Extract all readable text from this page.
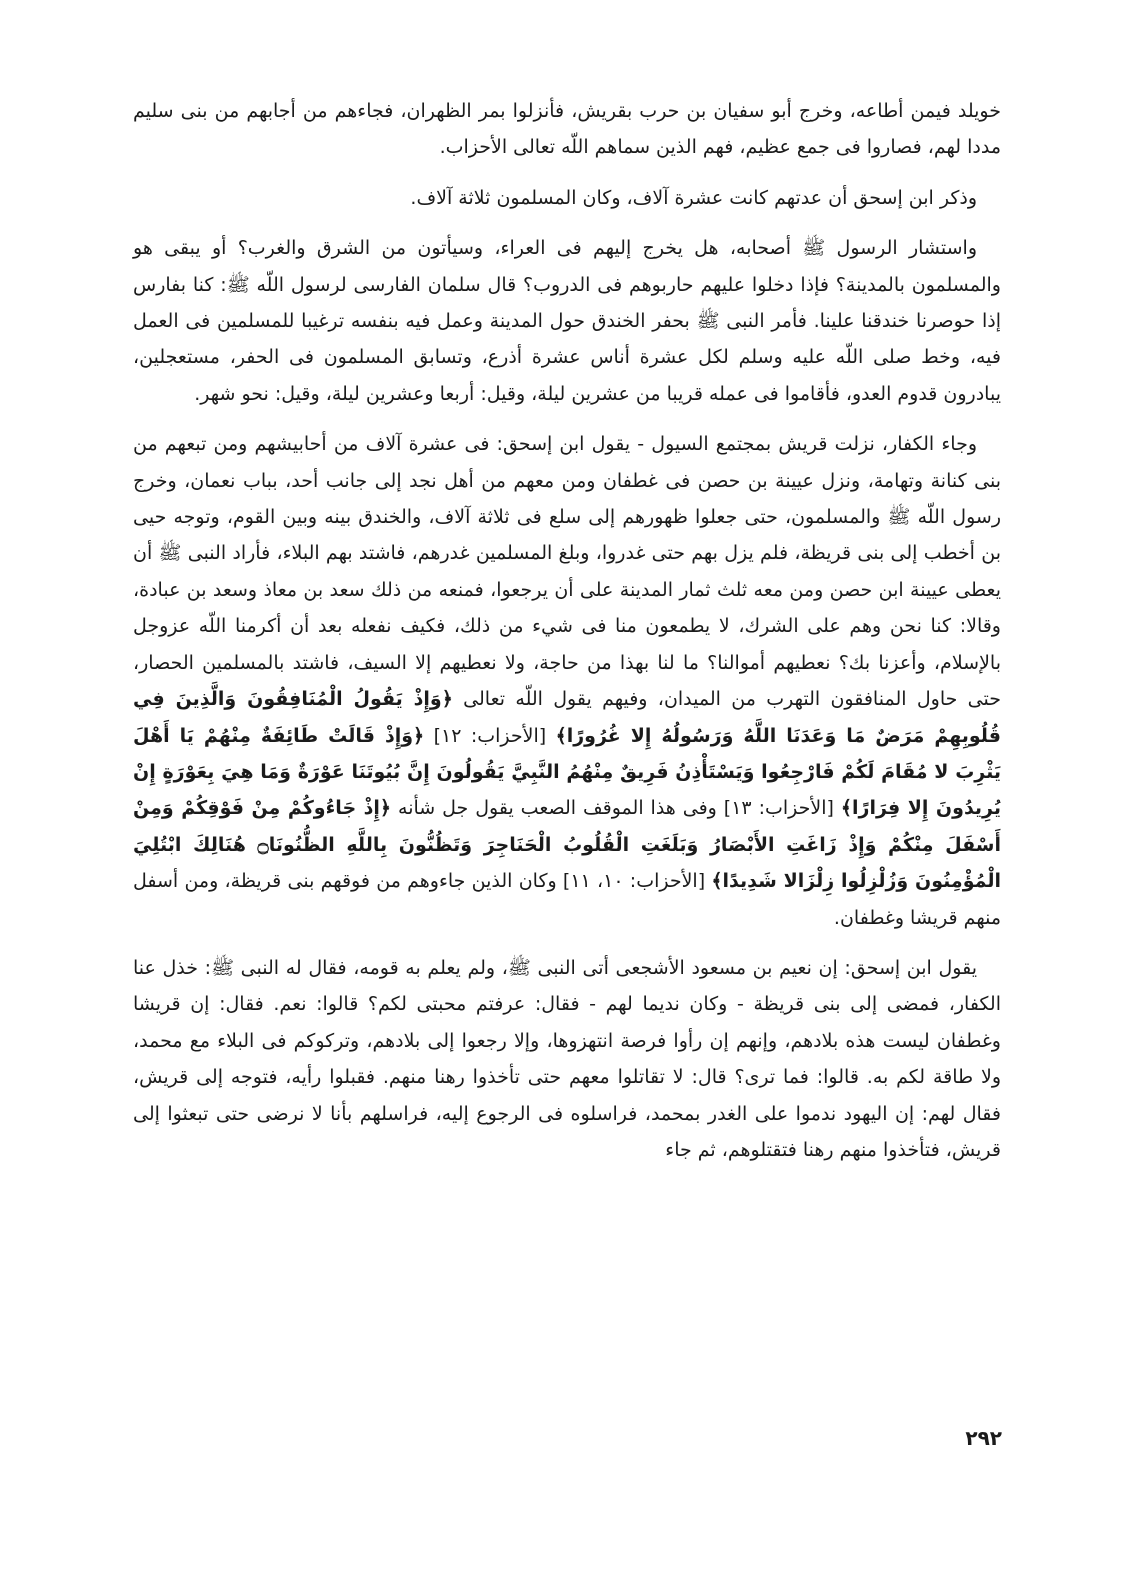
خويلد فيمن أطاعه، وخرج أبو سفيان بن حرب بقريش، فأنزلوا بمر الظهران، فجاءهم من أجابهم من بنى سليم مددا لهم، فصاروا فى جمع عظيم، فهم الذين سماهم اللّه تعالى الأحزاب.

وذكر ابن إسحق أن عدتهم كانت عشرة آلاف، وكان المسلمون ثلاثة آلاف.

واستشار الرسول ﷺ أصحابه، هل يخرج إليهم فى العراء، وسيأتون من الشرق والغرب؟ أو يبقى هو والمسلمون بالمدينة؟ فإذا دخلوا عليهم حاربوهم فى الدروب؟ قال سلمان الفارسى لرسول اللّه ﷺ: كنا بفارس إذا حوصرنا خندقنا علينا. فأمر النبى ﷺ بحفر الخندق حول المدينة وعمل فيه بنفسه ترغيبا للمسلمين فى العمل فيه، وخط صلى اللّه عليه وسلم لكل عشرة أناس عشرة أذرع، وتسابق المسلمون فى الحفر، مستعجلين، يبادرون قدوم العدو، فأقاموا فى عمله قريبا من عشرين ليلة، وقيل: أربعا وعشرين ليلة، وقيل: نحو شهر.

وجاء الكفار، نزلت قريش بمجتمع السيول - يقول ابن إسحق: فى عشرة آلاف من أحابيشهم ومن تبعهم من بنى كنانة وتهامة، ونزل عيينة بن حصن فى غطفان ومن معهم من أهل نجد إلى جانب أحد، بباب نعمان، وخرج رسول اللّه ﷺ والمسلمون، حتى جعلوا ظهورهم إلى سلع فى ثلاثة آلاف، والخندق بينه وبين القوم، وتوجه حيى بن أخطب إلى بنى قريظة، فلم يزل بهم حتى غدروا، وبلغ المسلمين غدرهم، فاشتد بهم البلاء، فأراد النبى ﷺ أن يعطى عيينة ابن حصن ومن معه ثلث ثمار المدينة على أن يرجعوا، فمنعه من ذلك سعد بن معاذ وسعد بن عبادة، وقالا: كنا نحن وهم على الشرك، لا يطمعون منا فى شيء من ذلك، فكيف نفعله بعد أن أكرمنا اللّه عزوجل بالإسلام، وأعزنا بك؟ نعطيهم أموالنا؟ ما لنا بهذا من حاجة، ولا نعطيهم إلا السيف، فاشتد بالمسلمين الحصار، حتى حاول المنافقون التهرب من الميدان، وفيهم يقول اللّه تعالى ﴿وَإِذْ يَقُولُ الْمُنَافِقُونَ وَالَّذِينَ فِي قُلُوبِهِمْ مَرَضٌ مَا وَعَدَنَا اللَّهُ وَرَسُولُهُ إِلا غُرُورًا﴾ [الأحزاب: ١٢] ﴿وَإِذْ قَالَتْ طَائِفَةٌ مِنْهُمْ يَا أَهْلَ يَثْرِبَ لا مُقَامَ لَكُمْ فَارْجِعُوا وَيَسْتَأْذِنُ فَرِيقٌ مِنْهُمُ النَّبِيَّ يَقُولُونَ إِنَّ بُيُوتَنَا عَوْرَةٌ وَمَا هِيَ بِعَوْرَةٍ إِنْ يُرِيدُونَ إِلا فِرَارًا﴾ [الأحزاب: ١٣] وفى هذا الموقف الصعب يقول جل شأنه ﴿إِذْ جَاءُوكُمْ مِنْ فَوْقِكُمْ وَمِنْ أَسْفَلَ مِنْكُمْ وَإِذْ زَاغَتِ الأَبْصَارُ وَبَلَغَتِ الْقُلُوبُ الْحَنَاجِرَ وَتَظُنُّونَ بِاللَّهِ الظُّنُونَا۝ هُنَالِكَ ابْتُلِيَ الْمُؤْمِنُونَ وَزُلْزِلُوا زِلْزَالا شَدِيدًا﴾ [الأحزاب: ١٠، ١١] وكان الذين جاءوهم من فوقهم بنى قريظة، ومن أسفل منهم قريشا وغطفان.

يقول ابن إسحق: إن نعيم بن مسعود الأشجعى أتى النبى ﷺ، ولم يعلم به قومه، فقال له النبى ﷺ: خذل عنا الكفار، فمضى إلى بنى قريظة - وكان نديما لهم - فقال: عرفتم محبتى لكم؟ قالوا: نعم. فقال: إن قريشا وغطفان ليست هذه بلادهم، وإنهم إن رأوا فرصة انتهزوها، وإلا رجعوا إلى بلادهم، وتركوكم فى البلاء مع محمد، ولا طاقة لكم به. قالوا: فما ترى؟ قال: لا تقاتلوا معهم حتى تأخذوا رهنا منهم. فقبلوا رأيه، فتوجه إلى قريش، فقال لهم: إن اليهود ندموا على الغدر بمحمد، فراسلوه فى الرجوع إليه، فراسلهم بأنا لا نرضى حتى تبعثوا إلى قريش، فتأخذوا منهم رهنا فتقتلوهم، ثم جاء

٢٩٢
